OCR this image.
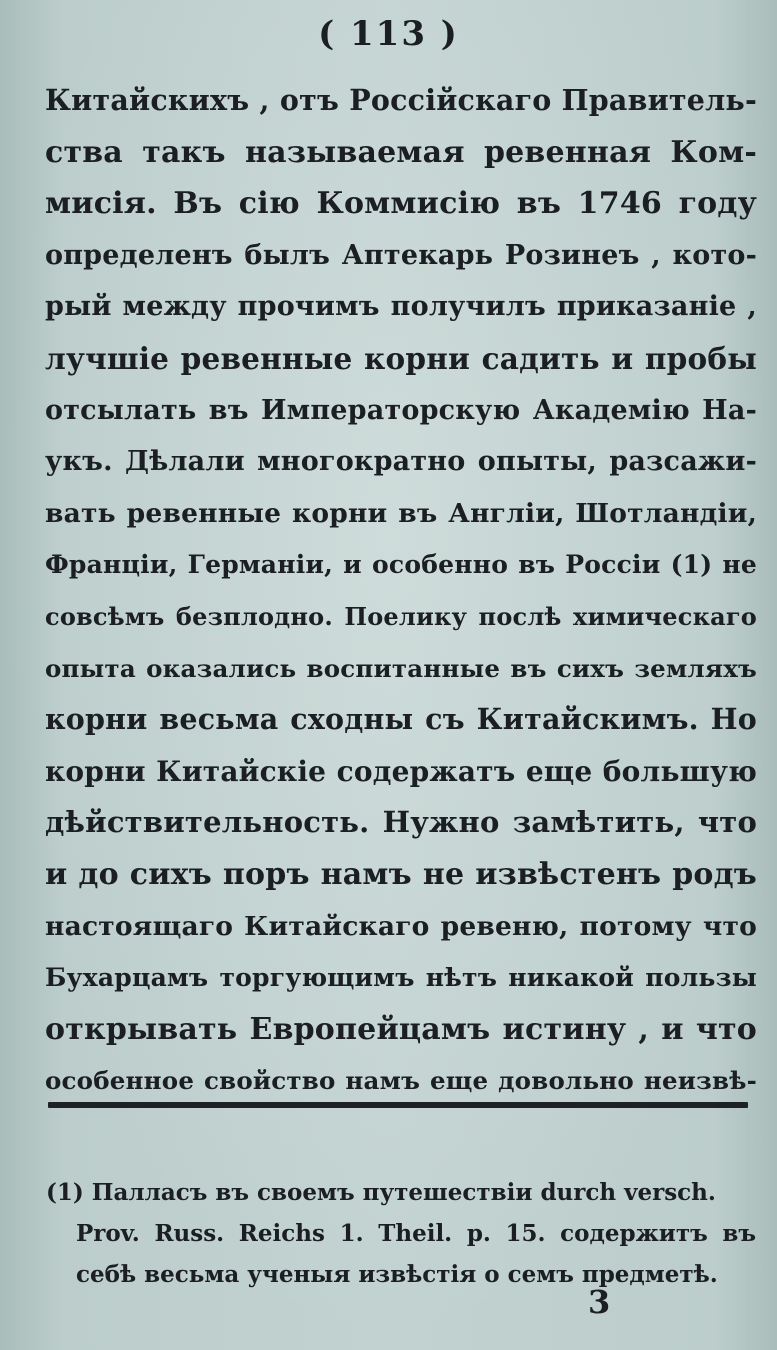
( 113 )
Китайскихъ , отъ Россійскаго Правитель-
ства такъ называемая ревенная Ком-
мисія. Въ сію Коммисію въ 1746 году
определенъ былъ Аптекарь Розинеъ , кото-
рый между прочимъ получилъ приказаніе ,
лучшіе ревенные корни садить и пробы
отсылать въ Императорскую Академію На-
укъ. Дѣлали многократно опыты, разсажи-
вать ревенные корни въ Англіи, Шотландіи,
Франціи, Германіи, и особенно въ Россіи (1) не
совсѣмъ безплодно. Поелику послѣ химическаго
опыта оказались воспитанные въ сихъ земляхъ
корни весьма сходны съ Китайскимъ. Но
корни Китайскіе содержатъ еще большую
дѣйствительность. Нужно замѣтить, что
и до сихъ поръ намъ не извѣстенъ родъ
настоящаго Китайскаго ревеню, потому что
Бухарцамъ торгующимъ нѣтъ никакой пользы
открывать Европейцамъ истину , и что
особенное свойство намъ еще довольно неизвѣ-
(1) Палласъ въ своемъ путешествіи durch versch.
Prov. Russ. Reichs 1. Theil. p. 15. содержитъ въ
себѣ весьма ученыя извѣстія о семъ предметѣ.
3
